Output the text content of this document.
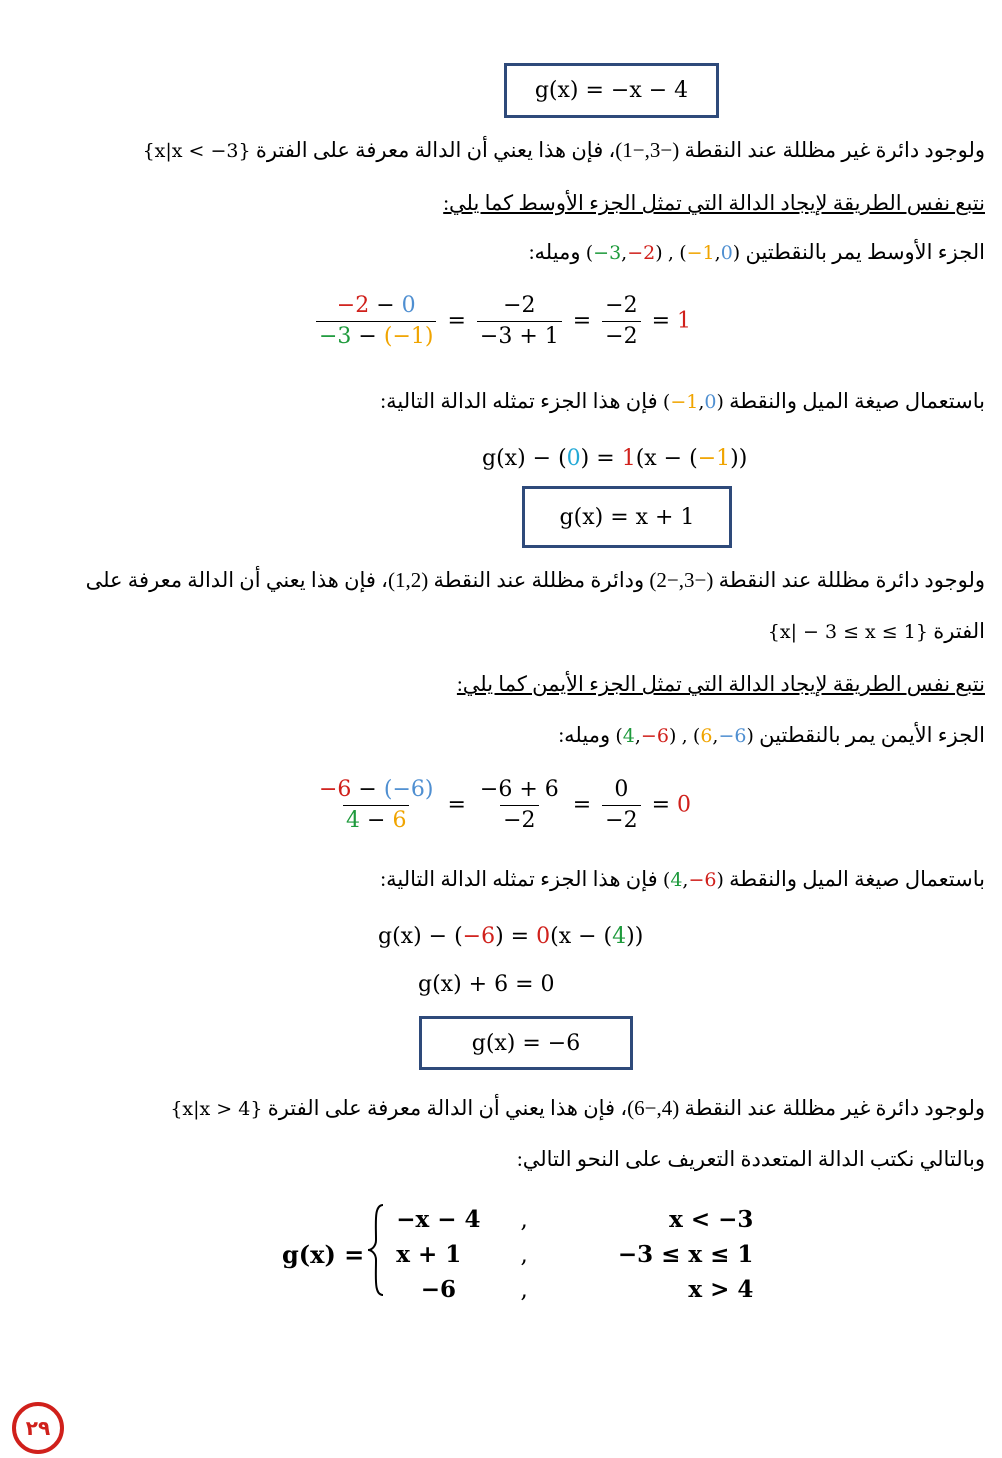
g(x) = −x − 4
ولوجود دائرة غير مظللة عند النقطة (−3,−1)، فإن هذا يعني أن الدالة معرفة على الفترة {x|x < −3}
نتبع نفس الطريقة لإيجاد الدالة التي تمثل الجزء الأوسط كما يلي:
الجزء الأوسط يمر بالنقطتين (−3,−2) , (−1,0) وميله:
$\frac{-2 - 0}{-3 - (-1)} = \frac{-2}{-3 + 1} = \frac{-2}{-2} = 1$
باستعمال صيغة الميل والنقطة (−1,0) فإن هذا الجزء تمثله الدالة التالية:
g(x) − (0) = 1(x − (−1))
g(x) = x + 1
ولوجود دائرة مظللة عند النقطة (−3,−2) ودائرة مظللة عند النقطة (1,2)، فإن هذا يعني أن الدالة معرفة على
الفترة {x| − 3 ≤ x ≤ 1}
نتبع نفس الطريقة لإيجاد الدالة التي تمثل الجزء الأيمن كما يلي:
الجزء الأيمن يمر بالنقطتين (4,−6) , (6,−6) وميله:
$\frac{-6 - (-6)}{4 - 6} = \frac{-6 + 6}{-2} = \frac{0}{-2} = 0$
باستعمال صيغة الميل والنقطة (4,−6) فإن هذا الجزء تمثله الدالة التالية:
g(x) − (−6) = 0(x − (4))
g(x) + 6 = 0
g(x) = −6
ولوجود دائرة غير مظللة عند النقطة (4,−6)، فإن هذا يعني أن الدالة معرفة على الفترة {x|x > 4}
وبالتالي نكتب الدالة المتعددة التعريف على النحو التالي:
g(x) =		−x − 4	,	x < −3
		x + 1	,	−3 ≤ x ≤ 1
		−6	,	x > 4
٢٩
